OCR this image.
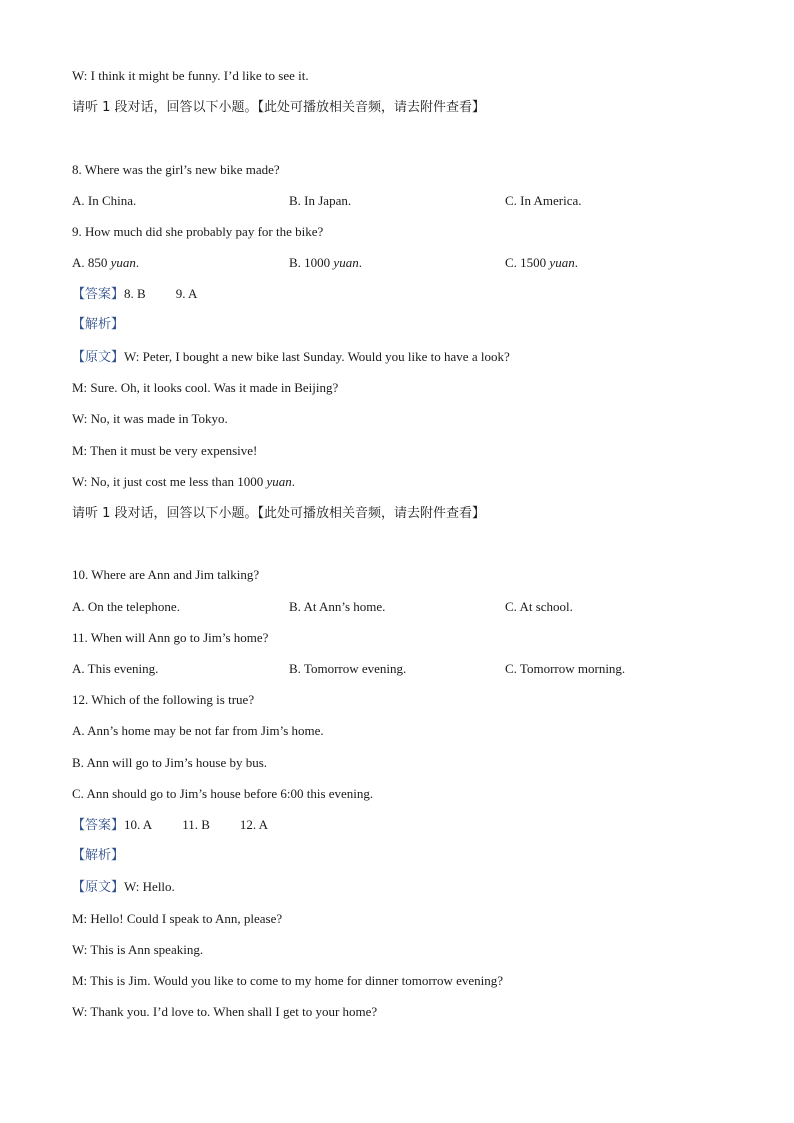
W: I think it might be funny. I’d like to see it.
请听 1 段对话，回答以下小题。【此处可播放相关音频，请去附件查看】
8. Where was the girl’s new bike made?
A. In China.	B. In Japan.	C. In America.
9. How much did she probably pay for the bike?
A. 850 yuan.	B. 1000 yuan.	C. 1500 yuan.
【答案】8. B 9. A
【解析】
【原文】W: Peter, I bought a new bike last Sunday. Would you like to have a look?
M: Sure. Oh, it looks cool. Was it made in Beijing?
W: No, it was made in Tokyo.
M: Then it must be very expensive!
W: No, it just cost me less than 1000 yuan.
请听 1 段对话，回答以下小题。【此处可播放相关音频，请去附件查看】
10. Where are Ann and Jim talking?
A. On the telephone.	B. At Ann’s home.	C. At school.
11. When will Ann go to Jim’s home?
A. This evening.	B. Tomorrow evening.	C. Tomorrow morning.
12. Which of the following is true?
A. Ann’s home may be not far from Jim’s home.
B. Ann will go to Jim’s house by bus.
C. Ann should go to Jim’s house before 6:00 this evening.
【答案】10. A 11. B 12. A
【解析】
【原文】W: Hello.
M: Hello! Could I speak to Ann, please?
W: This is Ann speaking.
M: This is Jim. Would you like to come to my home for dinner tomorrow evening?
W: Thank you. I’d love to. When shall I get to your home?
